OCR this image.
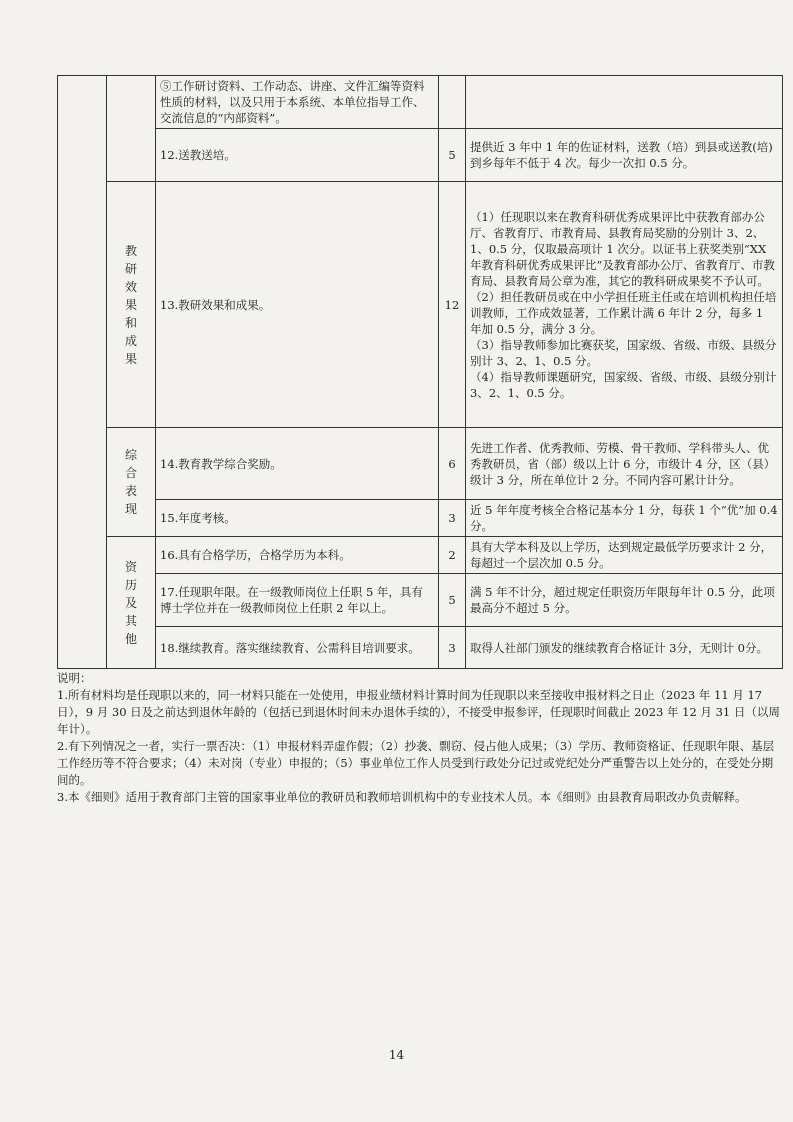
		⑤工作研讨资料、工作动态、讲座、文件汇编等资料性质的材料，以及只用于本系统、本单位指导工作、交流信息的“内部资料”。		

		12.送教送培。	5	提供近 3 年中 1 年的佐证材料，送教（培）到县或送教(培)到乡每年不低于 4 次。每少一次扣 0.5 分。

	教研效果和成果	13.教研效果和成果。	12	（1）任现职以来在教育科研优秀成果评比中获教育部办公厅、省教育厅、市教育局、县教育局奖励的分别计 3、2、1、0.5 分，仅取最高项计 1 次分。以证书上获奖类别“XX 年教育科研优秀成果评比”及教育部办公厅、省教育厅、市教育局、县教育局公章为准，其它的教科研成果奖不予认可。

（2）担任教研员或在中小学担任班主任或在培训机构担任培训教师，工作成效显著，工作累计满 6 年计 2 分，每多 1 年加 0.5 分，满分 3 分。

（3）指导教师参加比赛获奖，国家级、省级、市级、县级分别计 3、2、1、0.5 分。

（4）指导教师课题研究，国家级、省级、市级、县级分别计 3、2、1、0.5 分。

	综合表现	14.教育教学综合奖励。	6	先进工作者、优秀教师、劳模、骨干教师、学科带头人、优秀教研员，省（部）级以上计 6 分，市级计 4 分，区（县）级计 3 分，所在单位计 2 分。不同内容可累计计分。

		15.年度考核。	3	近 5 年年度考核全合格记基本分 1 分，每获 1 个“优”加 0.4 分。

	资历及其他	16.具有合格学历，合格学历为本科。	2	具有大学本科及以上学历，达到规定最低学历要求计 2 分，每超过一个层次加 0.5 分。

		17.任现职年限。在一级教师岗位上任职 5 年，具有博士学位并在一级教师岗位上任职 2 年以上。	5	满 5 年不计分，超过规定任职资历年限每年计 0.5 分，此项最高分不超过 5 分。

		18.继续教育。落实继续教育、公需科目培训要求。	3	取得人社部门颁发的继续教育合格证计 3分，无则计 0分。

说明：

1.所有材料均是任现职以来的，同一材料只能在一处使用，申报业绩材料计算时间为任现职以来至接收申报材料之日止（2023 年 11 月 17 日），9 月 30 日及之前达到退休年龄的（包括已到退休时间未办退休手续的），不接受申报参评，任现职时间截止 2023 年 12 月 31 日（以周年计）。

2.有下列情况之一者，实行一票否决：（1）申报材料弄虚作假；（2）抄袭、剽窃、侵占他人成果；（3）学历、教师资格证、任现职年限、基层工作经历等不符合要求；（4）未对岗（专业）申报的；（5）事业单位工作人员受到行政处分记过或党纪处分严重警告以上处分的，在受处分期间的。

3.本《细则》适用于教育部门主管的国家事业单位的教研员和教师培训机构中的专业技术人员。本《细则》由县教育局职改办负责解释。

14
